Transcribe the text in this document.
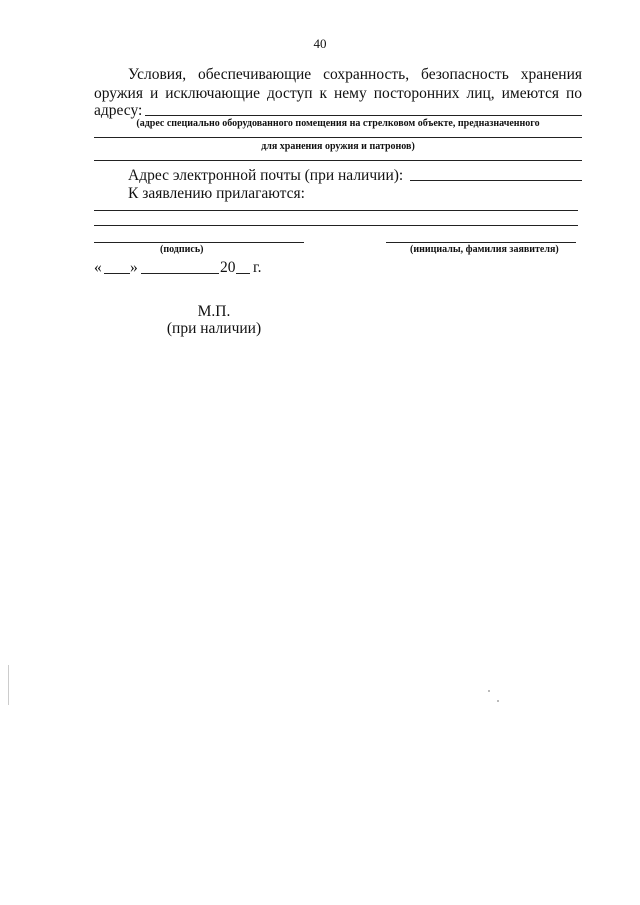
40
Условия, обеспечивающие сохранность, безопасность хранения
оружия и исключающие доступ к нему посторонних лиц, имеются по
адресу:
(адрес специально оборудованного помещения на стрелковом объекте, предназначенного
для хранения оружия и патронов)
Адрес электронной почты (при наличии):
К заявлению прилагаются:
(подпись)	(инициалы, фамилия заявителя)
« »	20 г.
М.П.
(при наличии)
